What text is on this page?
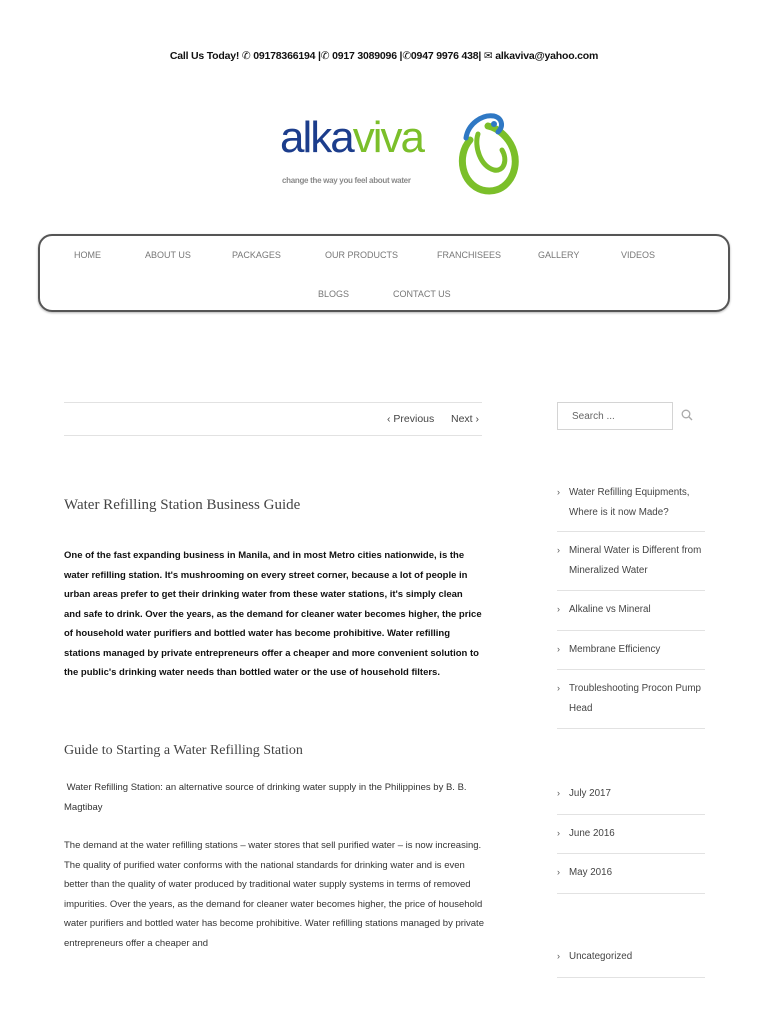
Call Us Today! ✆ 09178366194 |✆ 0917 3089096 |✆0947 9976 438| ✉ alkaviva@yahoo.com
alkaviva
change the way you feel about water
HOME	ABOUT US	PACKAGES	OUR PRODUCTS	FRANCHISEES	GALLERY	VIDEOS
BLOGS	CONTACT US
‹ Previous Next ›
Water Refilling Station Business Guide
One of the fast expanding business in Manila, and in most Metro cities nationwide, is the water refilling station. It's mushrooming on every street corner, because a lot of people in urban areas prefer to get their drinking water from these water stations, it's simply clean and safe to drink. Over the years, as the demand for cleaner water becomes higher, the price of household water purifiers and bottled water has become prohibitive. Water refilling stations managed by private entrepreneurs offer a cheaper and more convenient solution to the public's drinking water needs than bottled water or the use of household filters.
Guide to Starting a Water Refilling Station
Water Refilling Station: an alternative source of drinking water supply in the Philippines by B. B. Magtibay
The demand at the water refilling stations – water stores that sell purified water – is now increasing. The quality of purified water conforms with the national standards for drinking water and is even better than the quality of water produced by traditional water supply systems in terms of removed impurities. Over the years, as the demand for cleaner water becomes higher, the price of household water purifiers and bottled water has become prohibitive. Water refilling stations managed by private entrepreneurs offer a cheaper and
Search ...
› Water Refilling Equipments, Where is it now Made?
› Mineral Water is Different from Mineralized Water
› Alkaline vs Mineral
› Membrane Efficiency
› Troubleshooting Procon Pump Head
› July 2017
› June 2016
› May 2016
› Uncategorized
